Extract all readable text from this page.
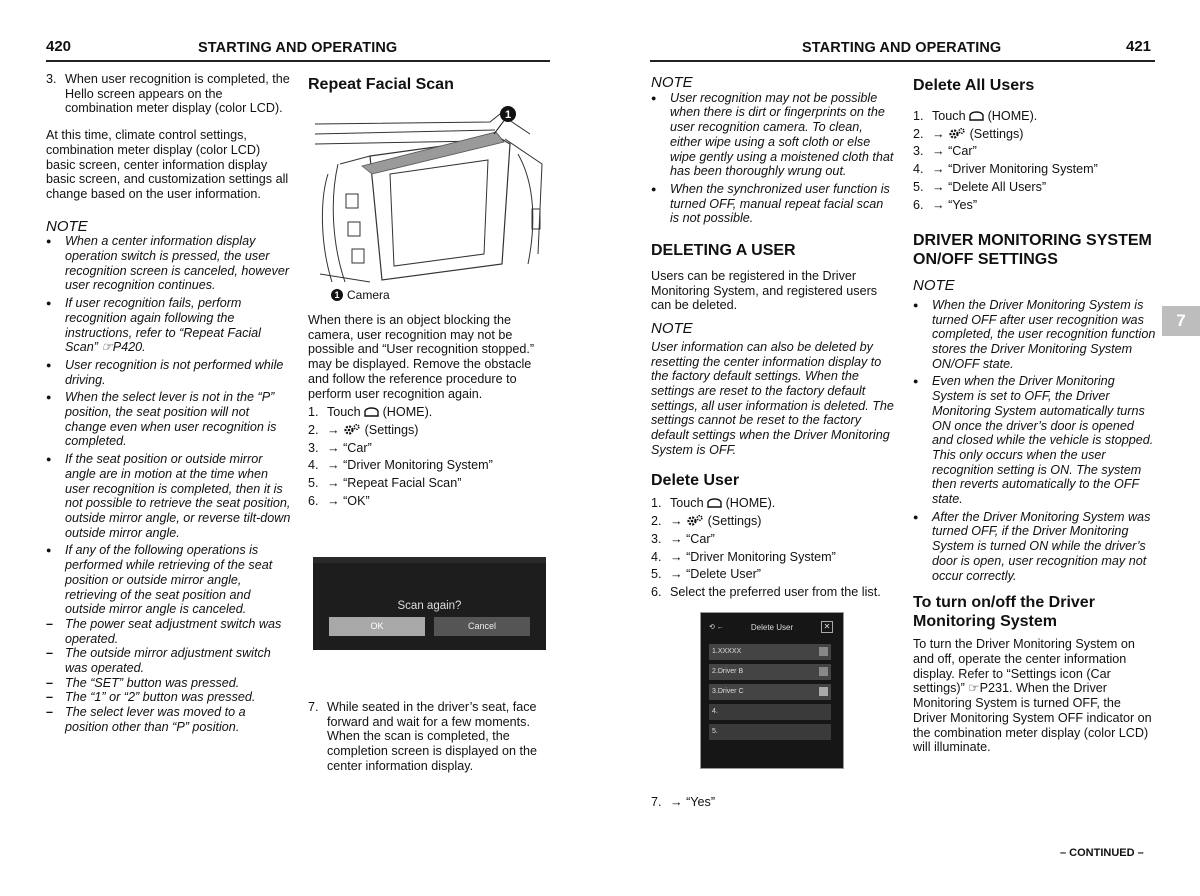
420	STARTING AND OPERATING
3. When user recognition is completed, the Hello screen appears on the combination meter display (color LCD).

At this time, climate control settings, combination meter display (color LCD) basic screen, center information display basic screen, and customization settings all change based on the user information.

NOTE

● When a center information display operation switch is pressed, the user recognition screen is canceled, however user recognition continues.
● If user recognition fails, perform recognition again following the instructions, refer to “Repeat Facial Scan” ☞P420.
● User recognition is not performed while driving.
● When the select lever is not in the “P” position, the seat position will not change even when user recognition is completed.
● If the seat position or outside mirror angle are in motion at the time when user recognition is completed, then it is not possible to retrieve the seat position, outside mirror angle, or reverse tilt-down outside mirror angle.
● If any of the following operations is performed while retrieving of the seat position or outside mirror angle, retrieving of the seat position and outside mirror angle is canceled.
– The power seat adjustment switch was operated.
– The outside mirror adjustment switch was operated.
– The “SET” button was pressed.
– The “1” or “2” button was pressed.
– The select lever was moved to a position other than “P” position.
Repeat Facial Scan
1
1 Camera

When there is an object blocking the camera, user recognition may not be possible and “User recognition stopped.” may be displayed. Remove the obstacle and follow the reference procedure to perform user recognition again.

1. Touch (HOME).
2. → (Settings)
3. → “Car”
4. → “Driver Monitoring System”
5. → “Repeat Facial Scan”
6. → “OK”
Scan again?
OK	Cancel
7. While seated in the driver’s seat, face forward and wait for a few moments. When the scan is completed, the completion screen is displayed on the center information display.
STARTING AND OPERATING	421
7

NOTE

● User recognition may not be possible when there is dirt or fingerprints on the user recognition camera. To clean, either wipe using a soft cloth or else wipe gently using a moistened cloth that has been thoroughly wrung out.
● When the synchronized user function is turned OFF, manual repeat facial scan is not possible.
DELETING A USER

Users can be registered in the Driver Monitoring System, and registered users can be deleted.

NOTE

User information can also be deleted by resetting the center information display to the factory default settings. When the settings are reset to the factory default settings, all user information is deleted. The settings cannot be reset to the factory default settings when the Driver Monitoring System is OFF.

Delete User
1. Touch (HOME).
2. → (Settings)
3. → “Car”
4. → “Driver Monitoring System”
5. → “Delete User”
6. Select the preferred user from the list.
⟲ ←	Delete User	✕
1.XXXXX
2.Driver B
3.Driver C
4.
5.
7. → “Yes”
Delete All Users
1. Touch (HOME).
2. → (Settings)
3. → “Car”
4. → “Driver Monitoring System”
5. → “Delete All Users”
6. → “Yes”
DRIVER MONITORING SYSTEM ON/OFF SETTINGS

NOTE

● When the Driver Monitoring System is turned OFF after user recognition was completed, the user recognition function stores the Driver Monitoring System ON/OFF state.
● Even when the Driver Monitoring System is set to OFF, the Driver Monitoring System automatically turns ON once the driver’s door is opened and closed while the vehicle is stopped. This only occurs when the user recognition setting is ON. The system then reverts automatically to the OFF state.
● After the Driver Monitoring System was turned OFF, if the Driver Monitoring System is turned ON while the driver’s door is open, user recognition may not occur correctly.
To turn on/off the Driver Monitoring System

To turn the Driver Monitoring System on and off, operate the center information display. Refer to “Settings icon (Car settings)” ☞P231. When the Driver Monitoring System is turned OFF, the Driver Monitoring System OFF indicator on the combination meter display (color LCD) will illuminate.

– CONTINUED –
